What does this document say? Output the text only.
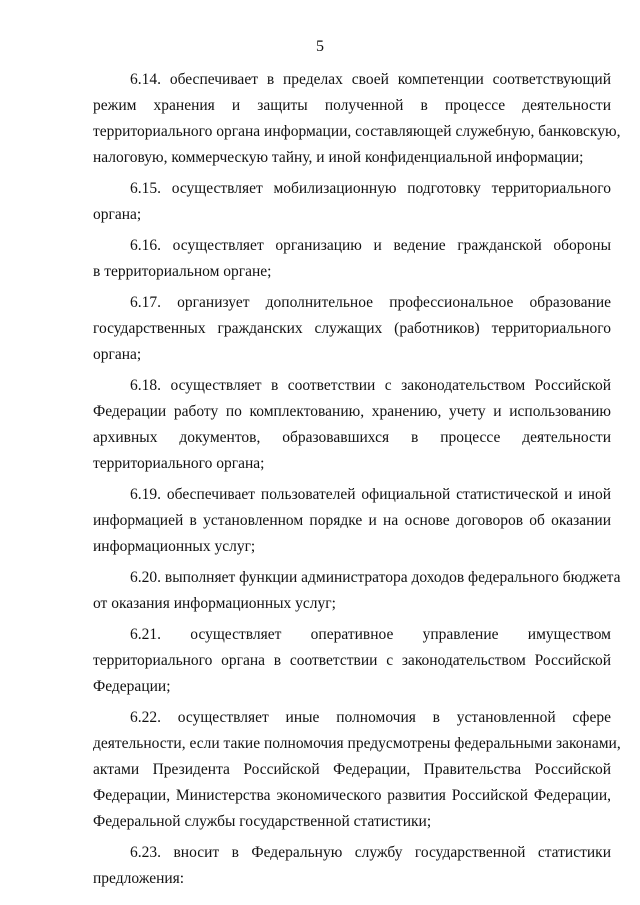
5

6.14. обеспечивает в пределах своей компетенции соответствующий
режим хранения и защиты полученной в процессе деятельности
территориального органа информации, составляющей служебную, банковскую,
налоговую, коммерческую тайну, и иной конфиденциальной информации;

6.15. осуществляет мобилизационную подготовку территориального
органа;

6.16. осуществляет организацию и ведение гражданской обороны
в территориальном органе;

6.17. организует дополнительное профессиональное образование
государственных гражданских служащих (работников) территориального
органа;

6.18. осуществляет в соответствии с законодательством Российской
Федерации работу по комплектованию, хранению, учету и использованию
архивных документов, образовавшихся в процессе деятельности
территориального органа;

6.19. обеспечивает пользователей официальной статистической и иной
информацией в установленном порядке и на основе договоров об оказании
информационных услуг;

6.20. выполняет функции администратора доходов федерального бюджета
от оказания информационных услуг;

6.21. осуществляет оперативное управление имуществом
территориального органа в соответствии с законодательством Российской
Федерации;

6.22. осуществляет иные полномочия в установленной сфере
деятельности, если такие полномочия предусмотрены федеральными законами,
актами Президента Российской Федерации, Правительства Российской
Федерации, Министерства экономического развития Российской Федерации,
Федеральной службы государственной статистики;

6.23. вносит в Федеральную службу государственной статистики
предложения:
